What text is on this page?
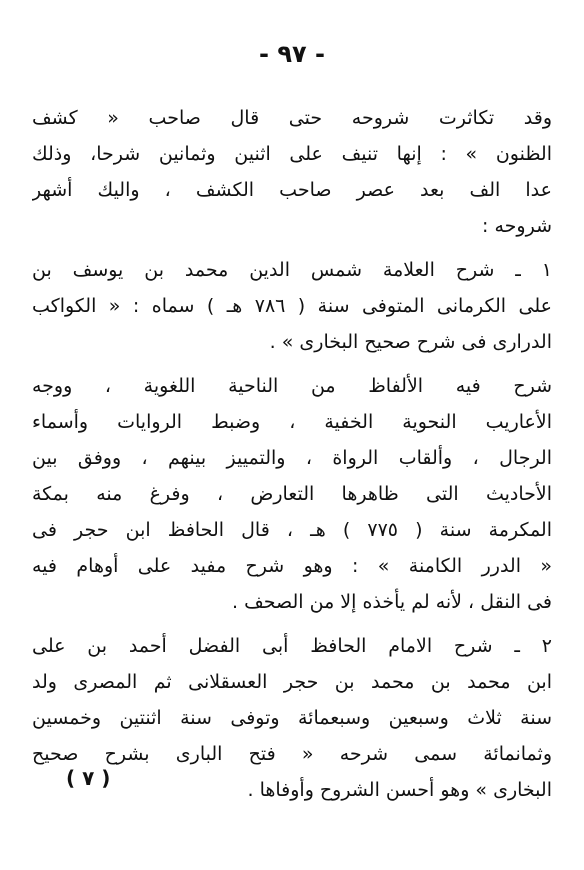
- ٩٧ -
وقد تكاثرت شروحه حتى قال صاحب « كشف
الظنون » : إنها تنيف على اثنين وثمانين شرحا، وذلك
عدا الف بعد عصر صاحب الكشف ، واليك أشهر
شروحه :
١ ـ شرح العلامة شمس الدين محمد بن يوسف بن
على الكرمانى المتوفى سنة ( ٧٨٦ هـ ) سماه : « الكواكب
الدرارى فى شرح صحيح البخارى » .
شرح فيه الألفاظ من الناحية اللغوية ، ووجه
الأعاريب النحوية الخفية ، وضبط الروايات وأسماء
الرجال ، وألقاب الرواة ، والتمييز بينهم ، ووفق بين
الأحاديث التى ظاهرها التعارض ، وفرغ منه بمكة
المكرمة سنة ( ٧٧٥ ) هـ ، قال الحافظ ابن حجر فى
« الدرر الكامنة » : وهو شرح مفيد على أوهام فيه
فى النقل ، لأنه لم يأخذه إلا من الصحف .
٢ ـ شرح الامام الحافظ أبى الفضل أحمد بن على
ابن محمد بن محمد بن حجر العسقلانى ثم المصرى ولد
سنة ثلاث وسبعين وسبعمائة وتوفى سنة اثنتين وخمسين
وثمانمائة سمى شرحه « فتح البارى بشرح صحيح
البخارى » وهو أحسن الشروح وأوفاها .
( ٧ )
